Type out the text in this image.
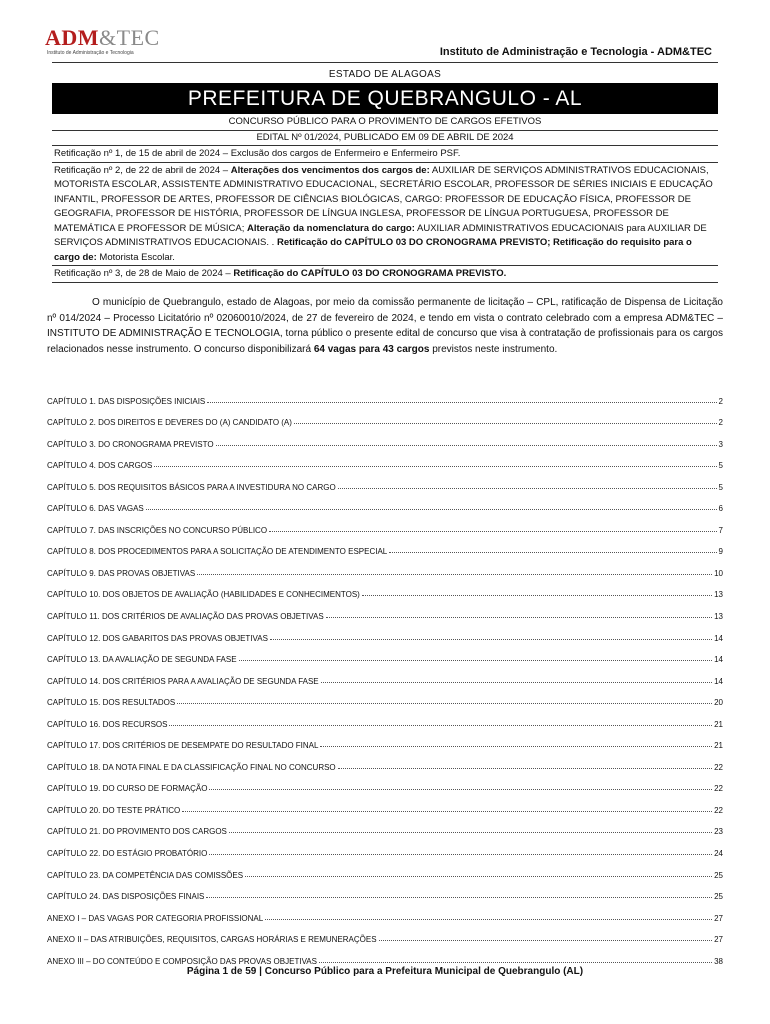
ADM&TEC
Instituto de Administração e Tecnologia	Instituto de Administração e Tecnologia - ADM&TEC
ESTADO DE ALAGOAS
PREFEITURA DE QUEBRANGULO - AL
CONCURSO PÚBLICO PARA O PROVIMENTO DE CARGOS EFETIVOS
EDITAL Nº 01/2024, PUBLICADO EM 09 DE ABRIL DE 2024
Retificação nº 1, de 15 de abril de 2024 – Exclusão dos cargos de Enfermeiro e Enfermeiro PSF.
Retificação nº 2, de 22 de abril de 2024 – Alterações dos vencimentos dos cargos de: AUXILIAR DE SERVIÇOS ADMINISTRATIVOS EDUCACIONAIS, MOTORISTA ESCOLAR, ASSISTENTE ADMINISTRATIVO EDUCACIONAL, SECRETÁRIO ESCOLAR, PROFESSOR DE SÉRIES INICIAIS E EDUCAÇÃO INFANTIL, PROFESSOR DE ARTES, PROFESSOR DE CIÊNCIAS BIOLÓGICAS, CARGO: PROFESSOR DE EDUCAÇÃO FÍSICA, PROFESSOR DE GEOGRAFIA, PROFESSOR DE HISTÓRIA, PROFESSOR DE LÍNGUA INGLESA, PROFESSOR DE LÍNGUA PORTUGUESA, PROFESSOR DE MATEMÁTICA E PROFESSOR DE MÚSICA; Alteração da nomenclatura do cargo: AUXILIAR ADMINISTRATIVOS EDUCACIONAIS para AUXILIAR DE SERVIÇOS ADMINISTRATIVOS EDUCACIONAIS. . Retificação do CAPÍTULO 03 DO CRONOGRAMA PREVISTO; Retificação do requisito para o cargo de: Motorista Escolar.
Retificação nº 3, de 28 de Maio de 2024 – Retificação do CAPÍTULO 03 DO CRONOGRAMA PREVISTO.
O município de Quebrangulo, estado de Alagoas, por meio da comissão permanente de licitação – CPL, ratificação de Dispensa de Licitação nº 014/2024 – Processo Licitatório nº 02060010/2024, de 27 de fevereiro de 2024, e tendo em vista o contrato celebrado com a empresa ADM&TEC – INSTITUTO DE ADMINISTRAÇÃO E TECNOLOGIA, torna público o presente edital de concurso que visa à contratação de profissionais para os cargos relacionados nesse instrumento. O concurso disponibilizará 64 vagas para 43 cargos previstos neste instrumento.
CAPÍTULO 1. DAS DISPOSIÇÕES INICIAIS	2
CAPÍTULO 2. DOS DIREITOS E DEVERES DO (A) CANDIDATO (A)	2
CAPÍTULO 3. DO CRONOGRAMA PREVISTO	3
CAPÍTULO 4. DOS CARGOS	5
CAPÍTULO 5. DOS REQUISITOS BÁSICOS PARA A INVESTIDURA NO CARGO	5
CAPÍTULO 6. DAS VAGAS	6
CAPÍTULO 7. DAS INSCRIÇÕES NO CONCURSO PÚBLICO	7
CAPÍTULO 8. DOS PROCEDIMENTOS PARA A SOLICITAÇÃO DE ATENDIMENTO ESPECIAL	9
CAPÍTULO 9. DAS PROVAS OBJETIVAS	10
CAPÍTULO 10. DOS OBJETOS DE AVALIAÇÃO (HABILIDADES E CONHECIMENTOS)	13
CAPÍTULO 11. DOS CRITÉRIOS DE AVALIAÇÃO DAS PROVAS OBJETIVAS	13
CAPÍTULO 12. DOS GABARITOS DAS PROVAS OBJETIVAS	14
CAPÍTULO 13. DA AVALIAÇÃO DE SEGUNDA FASE	14
CAPÍTULO 14. DOS CRITÉRIOS PARA A AVALIAÇÃO DE SEGUNDA FASE	14
CAPÍTULO 15. DOS RESULTADOS	20
CAPÍTULO 16. DOS RECURSOS	21
CAPÍTULO 17. DOS CRITÉRIOS DE DESEMPATE DO RESULTADO FINAL	21
CAPÍTULO 18. DA NOTA FINAL E DA CLASSIFICAÇÃO FINAL NO CONCURSO	22
CAPÍTULO 19. DO CURSO DE FORMAÇÃO	22
CAPÍTULO 20. DO TESTE PRÁTICO	22
CAPÍTULO 21. DO PROVIMENTO DOS CARGOS	23
CAPÍTULO 22. DO ESTÁGIO PROBATÓRIO	24
CAPÍTULO 23. DA COMPETÊNCIA DAS COMISSÕES	25
CAPÍTULO 24. DAS DISPOSIÇÕES FINAIS	25
ANEXO I – DAS VAGAS POR CATEGORIA PROFISSIONAL	27
ANEXO II – DAS ATRIBUIÇÕES, REQUISITOS, CARGAS HORÁRIAS E REMUNERAÇÕES	27
ANEXO III – DO CONTEÚDO E COMPOSIÇÃO DAS PROVAS OBJETIVAS	38
Página 1 de 59 | Concurso Público para a Prefeitura Municipal de Quebrangulo (AL)
